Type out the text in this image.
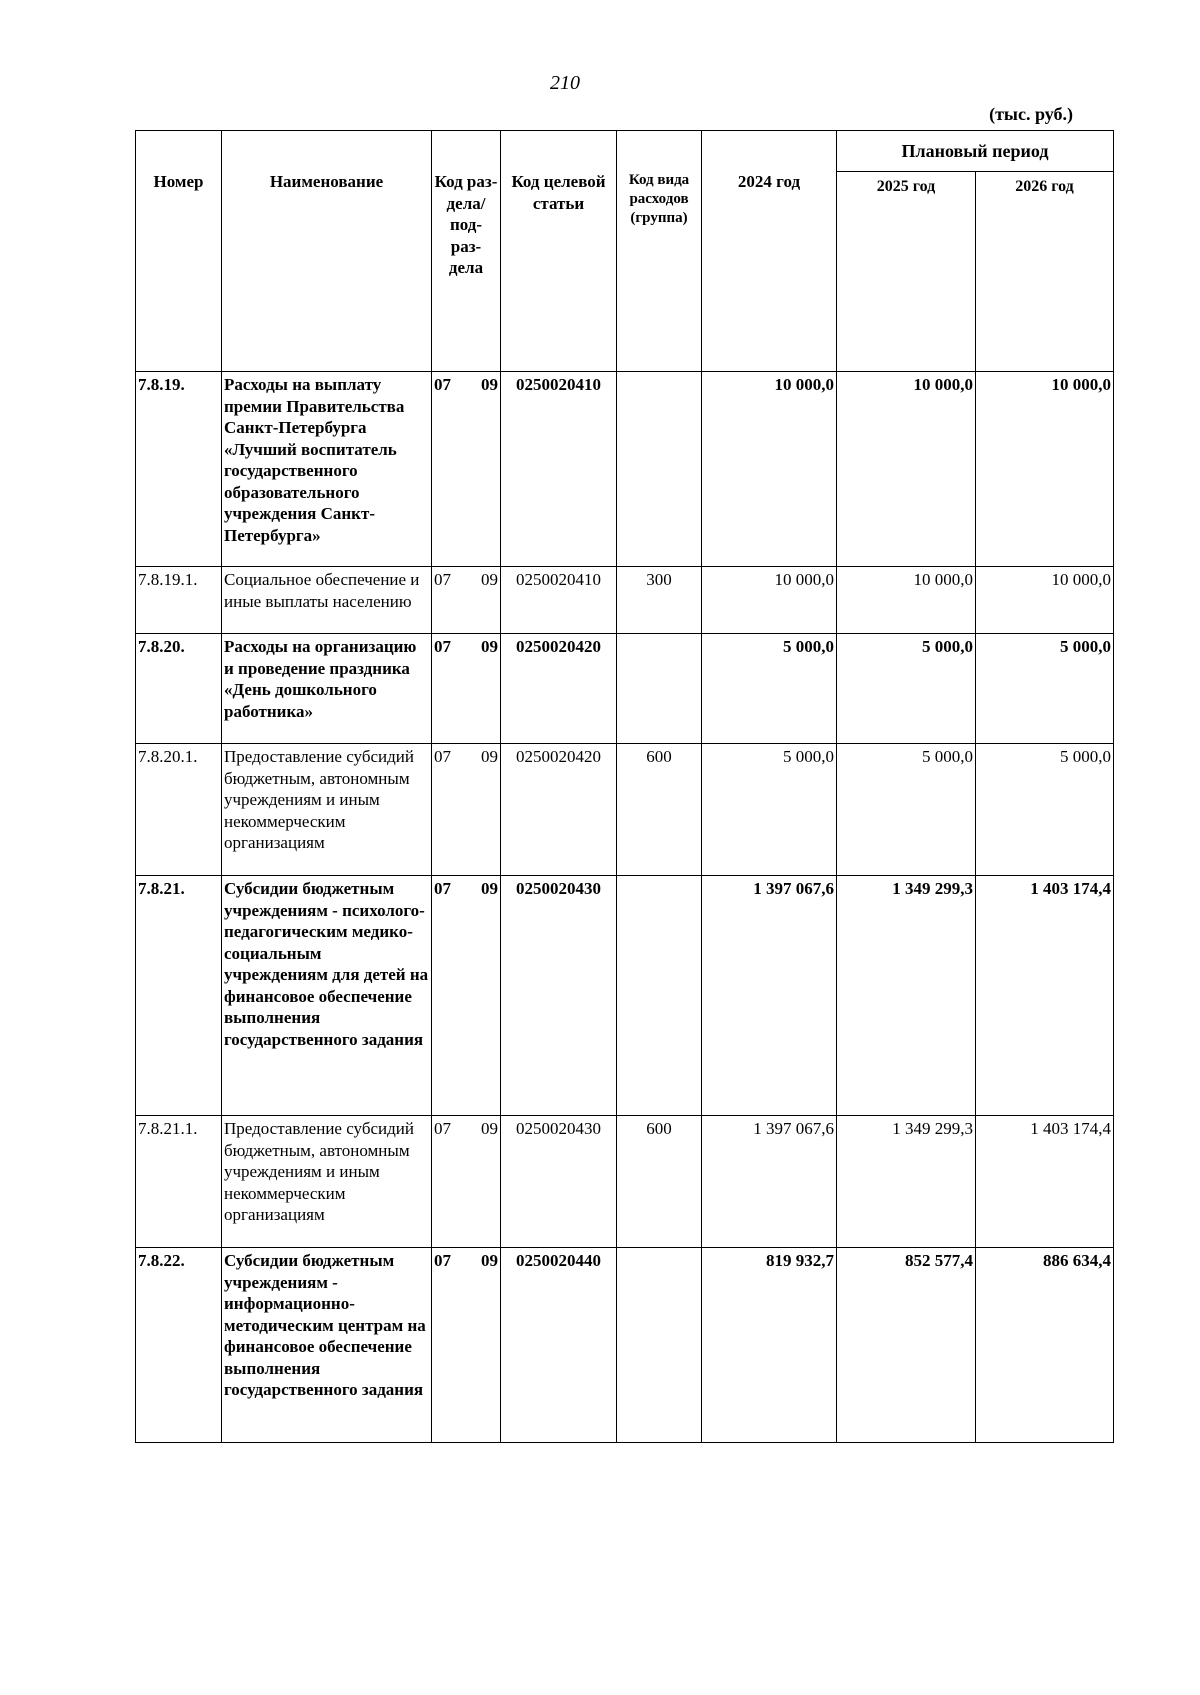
210
(тыс. руб.)
Номер	Наименование	Код раз- дела/ под- раз- дела	Код целевой статьи	Код вида расходов (группа)	2024 год	Плановый период	
						2025 год	2026 год
7.8.19.	Расходы на выплату премии Правительства Санкт-Петербурга «Лучший воспитатель государственного образовательного учреждения Санкт-Петербурга»	07 09	0250020410		10 000,0	10 000,0	10 000,0
7.8.19.1.	Социальное обеспечение и иные выплаты населению	07 09	0250020410	300	10 000,0	10 000,0	10 000,0
7.8.20.	Расходы на организацию и проведение праздника «День дошкольного работника»	07 09	0250020420		5 000,0	5 000,0	5 000,0
7.8.20.1.	Предоставление субсидий бюджетным, автономным учреждениям и иным некоммерческим организациям	07 09	0250020420	600	5 000,0	5 000,0	5 000,0
7.8.21.	Субсидии бюджетным учреждениям - психолого-педагогическим медико-социальным учреждениям для детей на финансовое обеспечение выполнения государственного задания	07 09	0250020430		1 397 067,6	1 349 299,3	1 403 174,4
7.8.21.1.	Предоставление субсидий бюджетным, автономным учреждениям и иным некоммерческим организациям	07 09	0250020430	600	1 397 067,6	1 349 299,3	1 403 174,4
7.8.22.	Субсидии бюджетным учреждениям - информационно-методическим центрам на финансовое обеспечение выполнения государственного задания	07 09	0250020440		819 932,7	852 577,4	886 634,4
